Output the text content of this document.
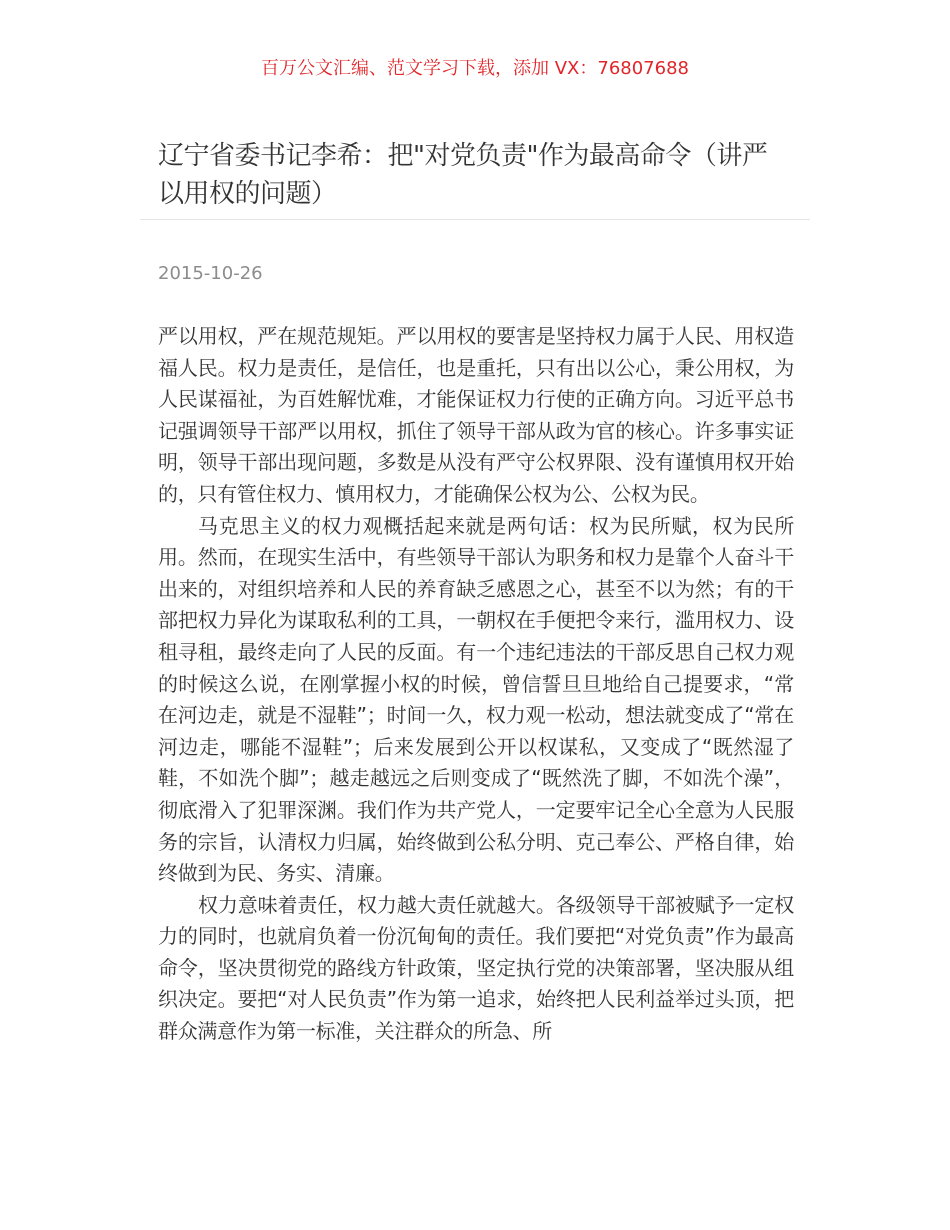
百万公文汇编、范文学习下载，添加 VX：76807688
辽宁省委书记李希：把"对党负责"作为最高命令（讲严以用权的问题）
2015-10-26

严以用权，严在规范规矩。严以用权的要害是坚持权力属于人民、用权造福人民。权力是责任，是信任，也是重托，只有出以公心，秉公用权，为人民谋福祉，为百姓解忧难，才能保证权力行使的正确方向。习近平总书记强调领导干部严以用权，抓住了领导干部从政为官的核心。许多事实证明，领导干部出现问题，多数是从没有严守公权界限、没有谨慎用权开始的，只有管住权力、慎用权力，才能确保公权为公、公权为民。

马克思主义的权力观概括起来就是两句话：权为民所赋，权为民所用。然而，在现实生活中，有些领导干部认为职务和权力是靠个人奋斗干出来的，对组织培养和人民的养育缺乏感恩之心，甚至不以为然；有的干部把权力异化为谋取私利的工具，一朝权在手便把令来行，滥用权力、设租寻租，最终走向了人民的反面。有一个违纪违法的干部反思自己权力观的时候这么说，在刚掌握小权的时候，曾信誓旦旦地给自己提要求，“常在河边走，就是不湿鞋”；时间一久，权力观一松动，想法就变成了“常在河边走，哪能不湿鞋”；后来发展到公开以权谋私，又变成了“既然湿了鞋，不如洗个脚”；越走越远之后则变成了“既然洗了脚，不如洗个澡”，彻底滑入了犯罪深渊。我们作为共产党人，一定要牢记全心全意为人民服务的宗旨，认清权力归属，始终做到公私分明、克己奉公、严格自律，始终做到为民、务实、清廉。

权力意味着责任，权力越大责任就越大。各级领导干部被赋予一定权力的同时，也就肩负着一份沉甸甸的责任。我们要把“对党负责”作为最高命令，坚决贯彻党的路线方针政策，坚定执行党的决策部署，坚决服从组织决定。要把“对人民负责”作为第一追求，始终把人民利益举过头顶，把群众满意作为第一标准，关注群众的所急、所
